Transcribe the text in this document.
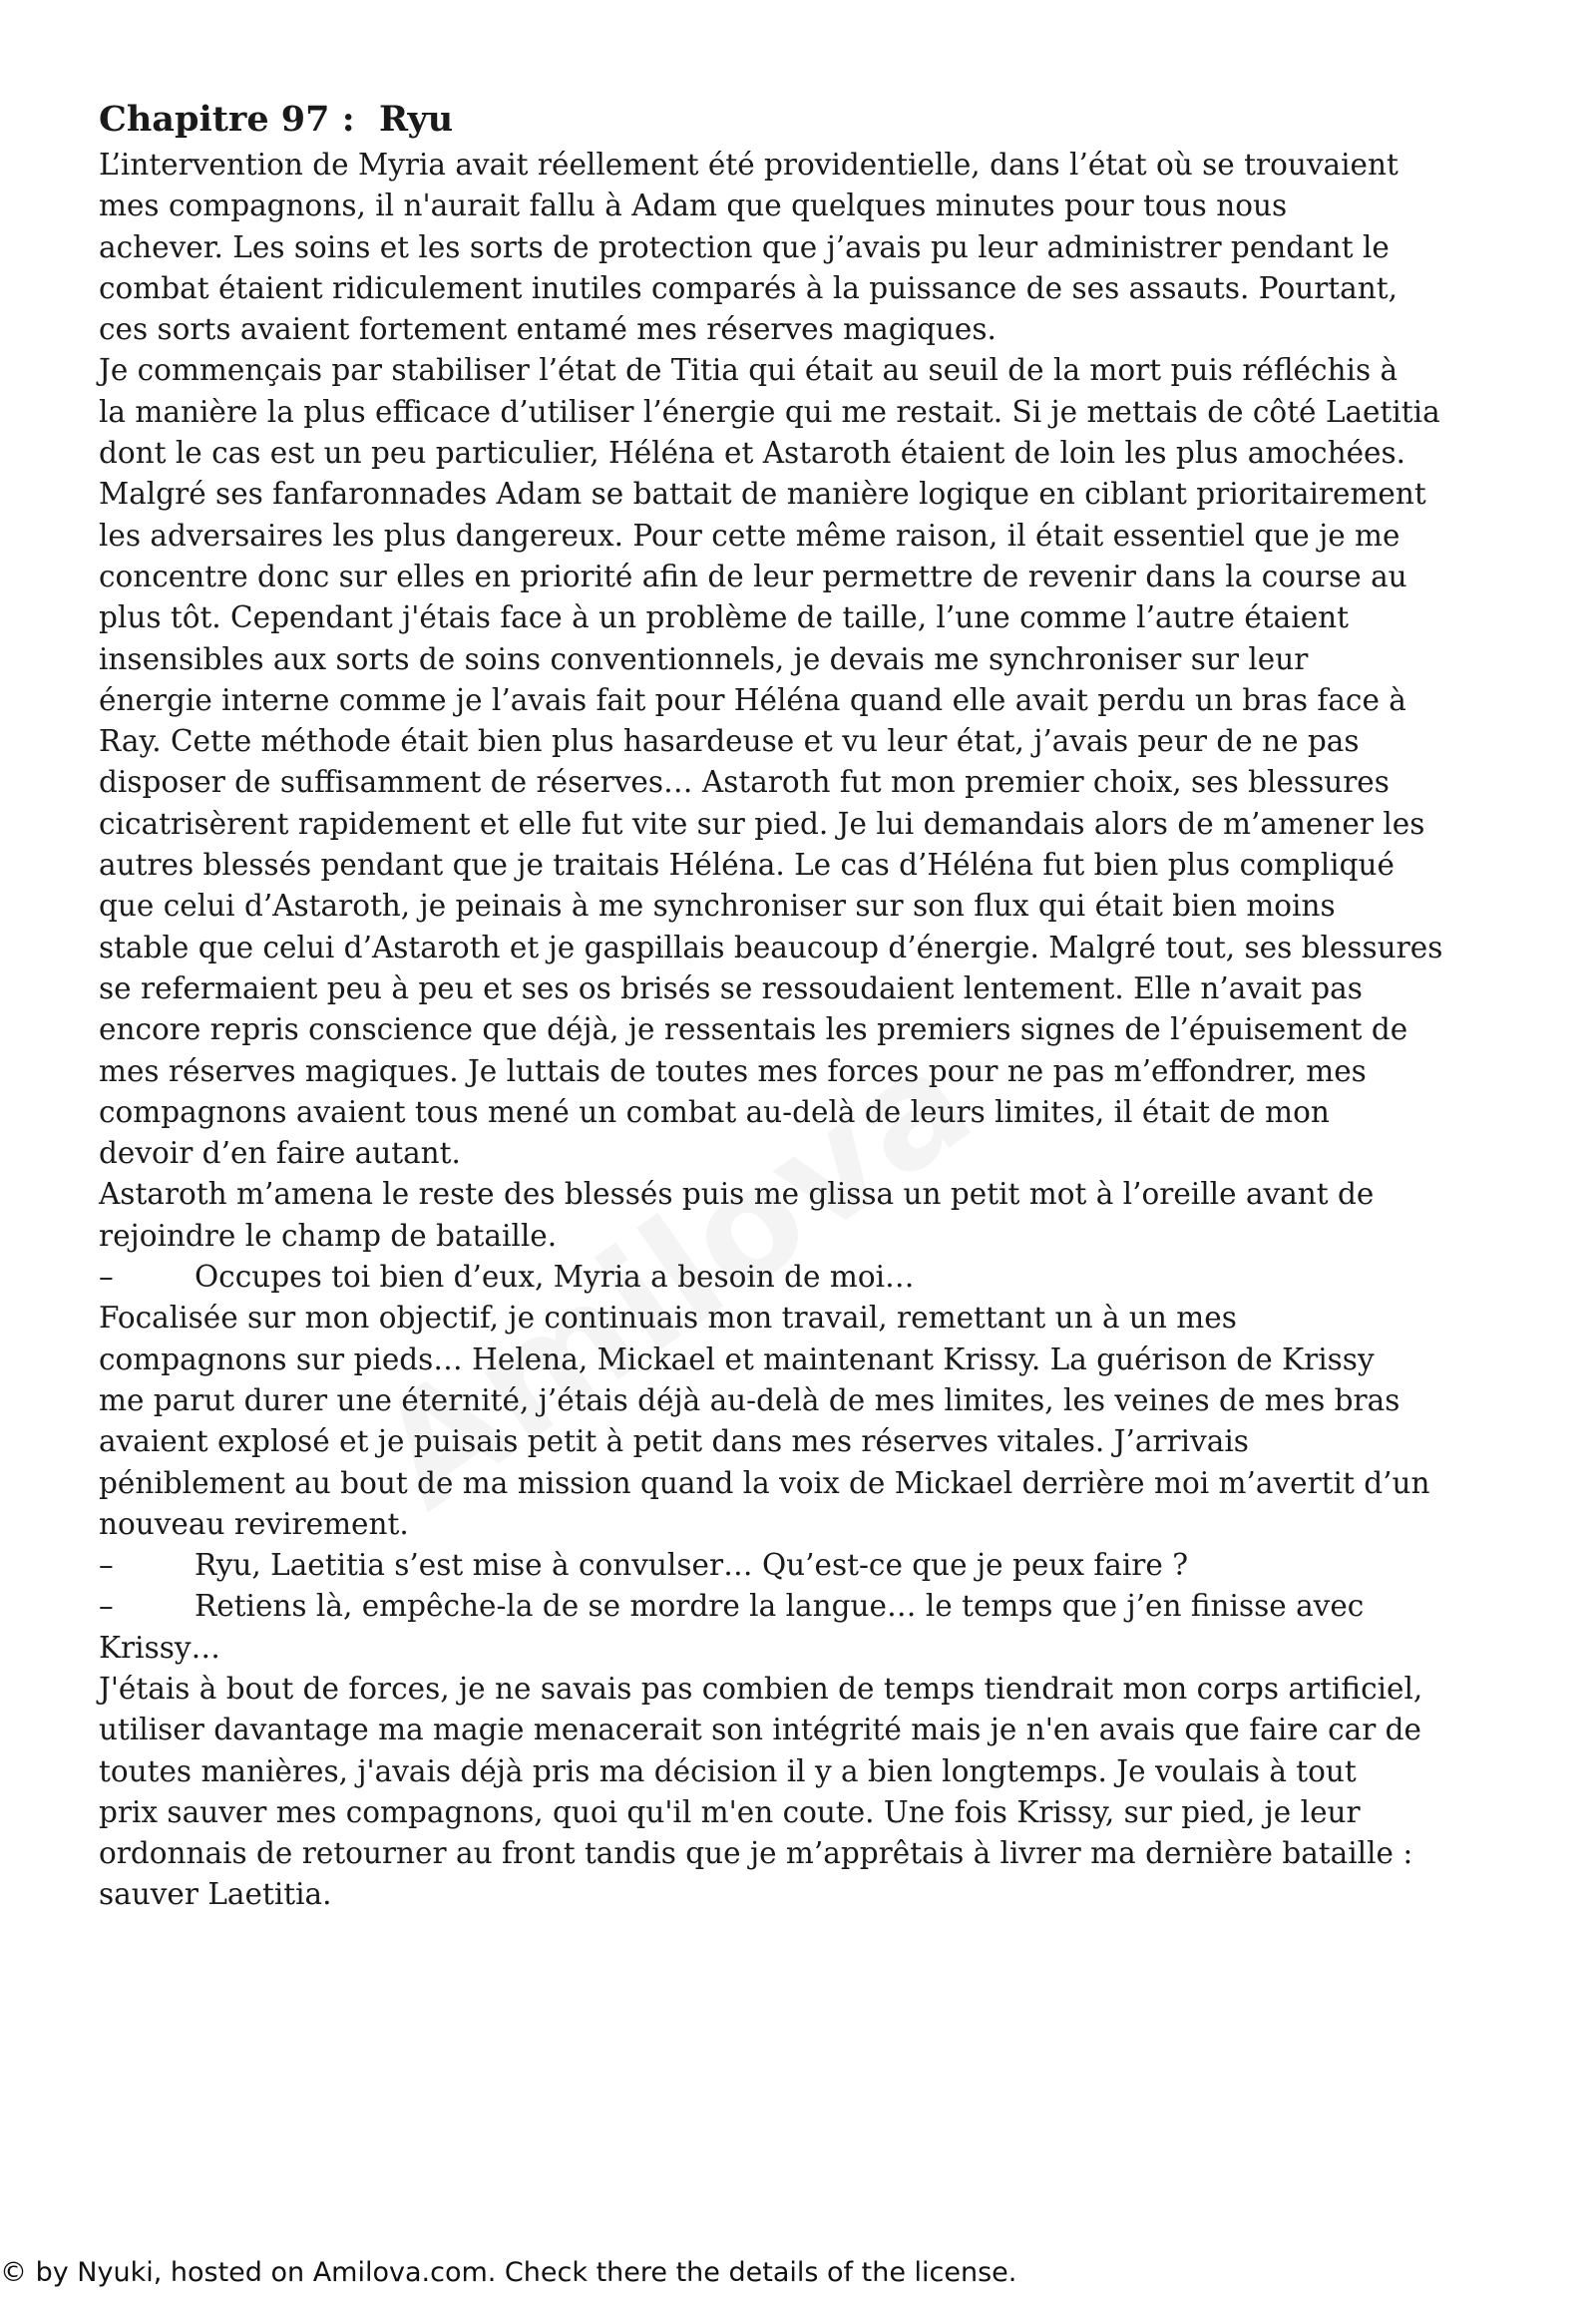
Chapitre 97 :  Ryu
L’intervention de Myria avait réellement été providentielle, dans l’état où se trouvaient
mes compagnons, il n'aurait fallu à Adam que quelques minutes pour tous nous
achever. Les soins et les sorts de protection que j’avais pu leur administrer pendant le
combat étaient ridiculement inutiles comparés à la puissance de ses assauts. Pourtant,
ces sorts avaient fortement entamé mes réserves magiques.
Je commençais par stabiliser l’état de Titia qui était au seuil de la mort puis réfléchis à
la manière la plus efficace d’utiliser l’énergie qui me restait. Si je mettais de côté Laetitia
dont le cas est un peu particulier, Héléna et Astaroth étaient de loin les plus amochées.
Malgré ses fanfaronnades Adam se battait de manière logique en ciblant prioritairement
les adversaires les plus dangereux. Pour cette même raison, il était essentiel que je me
concentre donc sur elles en priorité afin de leur permettre de revenir dans la course au
plus tôt. Cependant j'étais face à un problème de taille, l’une comme l’autre étaient
insensibles aux sorts de soins conventionnels, je devais me synchroniser sur leur
énergie interne comme je l’avais fait pour Héléna quand elle avait perdu un bras face à
Ray. Cette méthode était bien plus hasardeuse et vu leur état, j’avais peur de ne pas
disposer de suffisamment de réserves… Astaroth fut mon premier choix, ses blessures
cicatrisèrent rapidement et elle fut vite sur pied. Je lui demandais alors de m’amener les
autres blessés pendant que je traitais Héléna. Le cas d’Héléna fut bien plus compliqué
que celui d’Astaroth, je peinais à me synchroniser sur son flux qui était bien moins
stable que celui d’Astaroth et je gaspillais beaucoup d’énergie. Malgré tout, ses blessures
se refermaient peu à peu et ses os brisés se ressoudaient lentement. Elle n’avait pas
encore repris conscience que déjà, je ressentais les premiers signes de l’épuisement de
mes réserves magiques. Je luttais de toutes mes forces pour ne pas m’effondrer, mes
compagnons avaient tous mené un combat au-delà de leurs limites, il était de mon
devoir d’en faire autant.
Astaroth m’amena le reste des blessés puis me glissa un petit mot à l’oreille avant de
rejoindre le champ de bataille.
–	Occupes toi bien d’eux, Myria a besoin de moi…
Focalisée sur mon objectif, je continuais mon travail, remettant un à un mes
compagnons sur pieds… Helena, Mickael et maintenant Krissy. La guérison de Krissy
me parut durer une éternité, j’étais déjà au-delà de mes limites, les veines de mes bras
avaient explosé et je puisais petit à petit dans mes réserves vitales. J’arrivais
péniblement au bout de ma mission quand la voix de Mickael derrière moi m’avertit d’un
nouveau revirement.
–	Ryu, Laetitia s’est mise à convulser… Qu’est-ce que je peux faire ?
–	Retiens là, empêche-la de se mordre la langue… le temps que j’en finisse avec
Krissy…
J'étais à bout de forces, je ne savais pas combien de temps tiendrait mon corps artificiel,
utiliser davantage ma magie menacerait son intégrité mais je n'en avais que faire car de
toutes manières, j'avais déjà pris ma décision il y a bien longtemps. Je voulais à tout
prix sauver mes compagnons, quoi qu'il m'en coute. Une fois Krissy, sur pied, je leur
ordonnais de retourner au front tandis que je m’apprêtais à livrer ma dernière bataille :
sauver Laetitia.
© by Nyuki, hosted on Amilova.com. Check there the details of the license.
